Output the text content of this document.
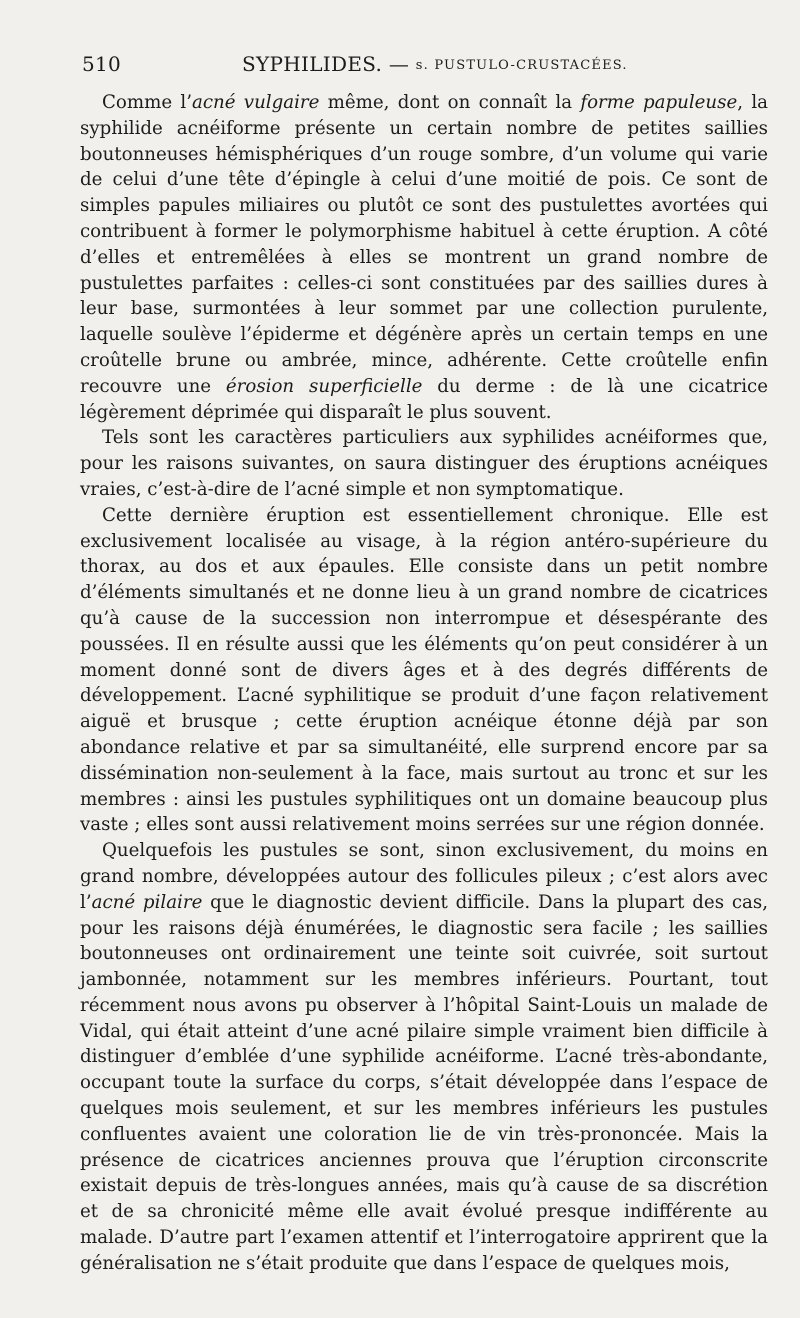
510	SYPHILIDES. — s. PUSTULO-CRUSTACÉES.

Comme l’acné vulgaire même, dont on connaît la forme papuleuse, la syphilide acnéiforme présente un certain nombre de petites saillies boutonneuses hémisphériques d’un rouge sombre, d’un volume qui varie de celui d’une tête d’épingle à celui d’une moitié de pois. Ce sont de simples papules miliaires ou plutôt ce sont des pustulettes avortées qui contribuent à former le polymorphisme habituel à cette éruption. A côté d’elles et entremêlées à elles se montrent un grand nombre de pustulettes parfaites : celles-ci sont constituées par des saillies dures à leur base, surmontées à leur sommet par une collection purulente, laquelle soulève l’épiderme et dégénère après un certain temps en une croûtelle brune ou ambrée, mince, adhérente. Cette croûtelle enfin recouvre une érosion superficielle du derme : de là une cicatrice légèrement déprimée qui disparaît le plus souvent.

Tels sont les caractères particuliers aux syphilides acnéiformes que, pour les raisons suivantes, on saura distinguer des éruptions acnéiques vraies, c’est-à-dire de l’acné simple et non symptomatique.

Cette dernière éruption est essentiellement chronique. Elle est exclusivement localisée au visage, à la région antéro-supérieure du thorax, au dos et aux épaules. Elle consiste dans un petit nombre d’éléments simultanés et ne donne lieu à un grand nombre de cicatrices qu’à cause de la succession non interrompue et désespérante des poussées. Il en résulte aussi que les éléments qu’on peut considérer à un moment donné sont de divers âges et à des degrés différents de développement. L’acné syphilitique se produit d’une façon relativement aiguë et brusque ; cette éruption acnéique étonne déjà par son abondance relative et par sa simultanéité, elle surprend encore par sa dissémination non-seulement à la face, mais surtout au tronc et sur les membres : ainsi les pustules syphilitiques ont un domaine beaucoup plus vaste ; elles sont aussi relativement moins serrées sur une région donnée.

Quelquefois les pustules se sont, sinon exclusivement, du moins en grand nombre, développées autour des follicules pileux ; c’est alors avec l’acné pilaire que le diagnostic devient difficile. Dans la plupart des cas, pour les raisons déjà énumérées, le diagnostic sera facile ; les saillies boutonneuses ont ordinairement une teinte soit cuivrée, soit surtout jambonnée, notamment sur les membres inférieurs. Pourtant, tout récemment nous avons pu observer à l’hôpital Saint-Louis un malade de Vidal, qui était atteint d’une acné pilaire simple vraiment bien difficile à distinguer d’emblée d’une syphilide acnéiforme. L’acné très-abondante, occupant toute la surface du corps, s’était développée dans l’espace de quelques mois seulement, et sur les membres inférieurs les pustules confluentes avaient une coloration lie de vin très-prononcée. Mais la présence de cicatrices anciennes prouva que l’éruption circonscrite existait depuis de très-longues années, mais qu’à cause de sa discrétion et de sa chronicité même elle avait évolué presque indifférente au malade. D’autre part l’examen attentif et l’interrogatoire apprirent que la généralisation ne s’était produite que dans l’espace de quelques mois,
